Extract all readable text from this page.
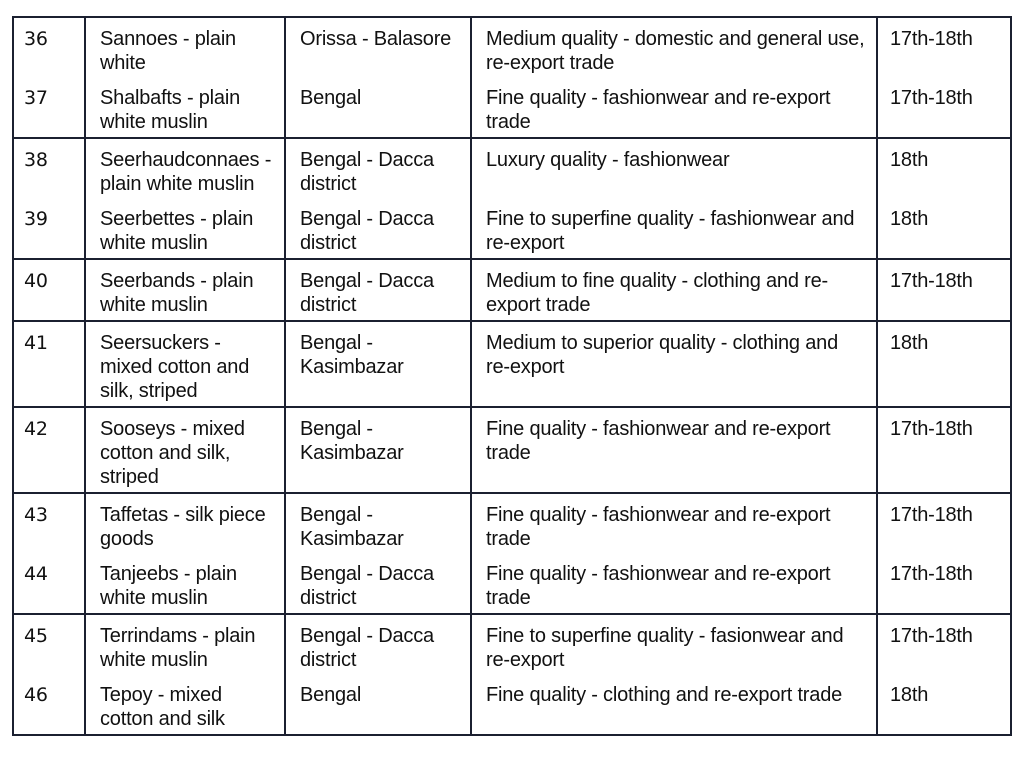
36	Sannoes - plain white	Orissa - Balasore	Medium quality - domestic and general use, re-export trade	17th-18th
37	Shalbafts - plain white muslin	Bengal	Fine quality - fashionwear and re-export trade	17th-18th
38	Seerhaudconnaes - plain white muslin	Bengal - Dacca district	Luxury quality - fashionwear	18th
39	Seerbettes - plain white muslin	Bengal - Dacca district	Fine to superfine quality - fashionwear and re-export	18th
40	Seerbands - plain white muslin	Bengal - Dacca district	Medium to fine quality - clothing and re-export trade	17th-18th
41	Seersuckers - mixed cotton and silk, striped	Bengal - Kasimbazar	Medium to superior quality - clothing and re-export	18th
42	Sooseys - mixed cotton and silk, striped	Bengal - Kasimbazar	Fine quality - fashionwear and re-export trade	17th-18th
43	Taffetas - silk piece goods	Bengal - Kasimbazar	Fine quality - fashionwear and re-export trade	17th-18th
44	Tanjeebs - plain white muslin	Bengal - Dacca district	Fine quality - fashionwear and re-export trade	17th-18th
45	Terrindams - plain white muslin	Bengal - Dacca district	Fine to superfine quality - fasionwear and re-export	17th-18th
46	Tepoy - mixed cotton and silk	Bengal	Fine quality - clothing and re-export trade	18th
